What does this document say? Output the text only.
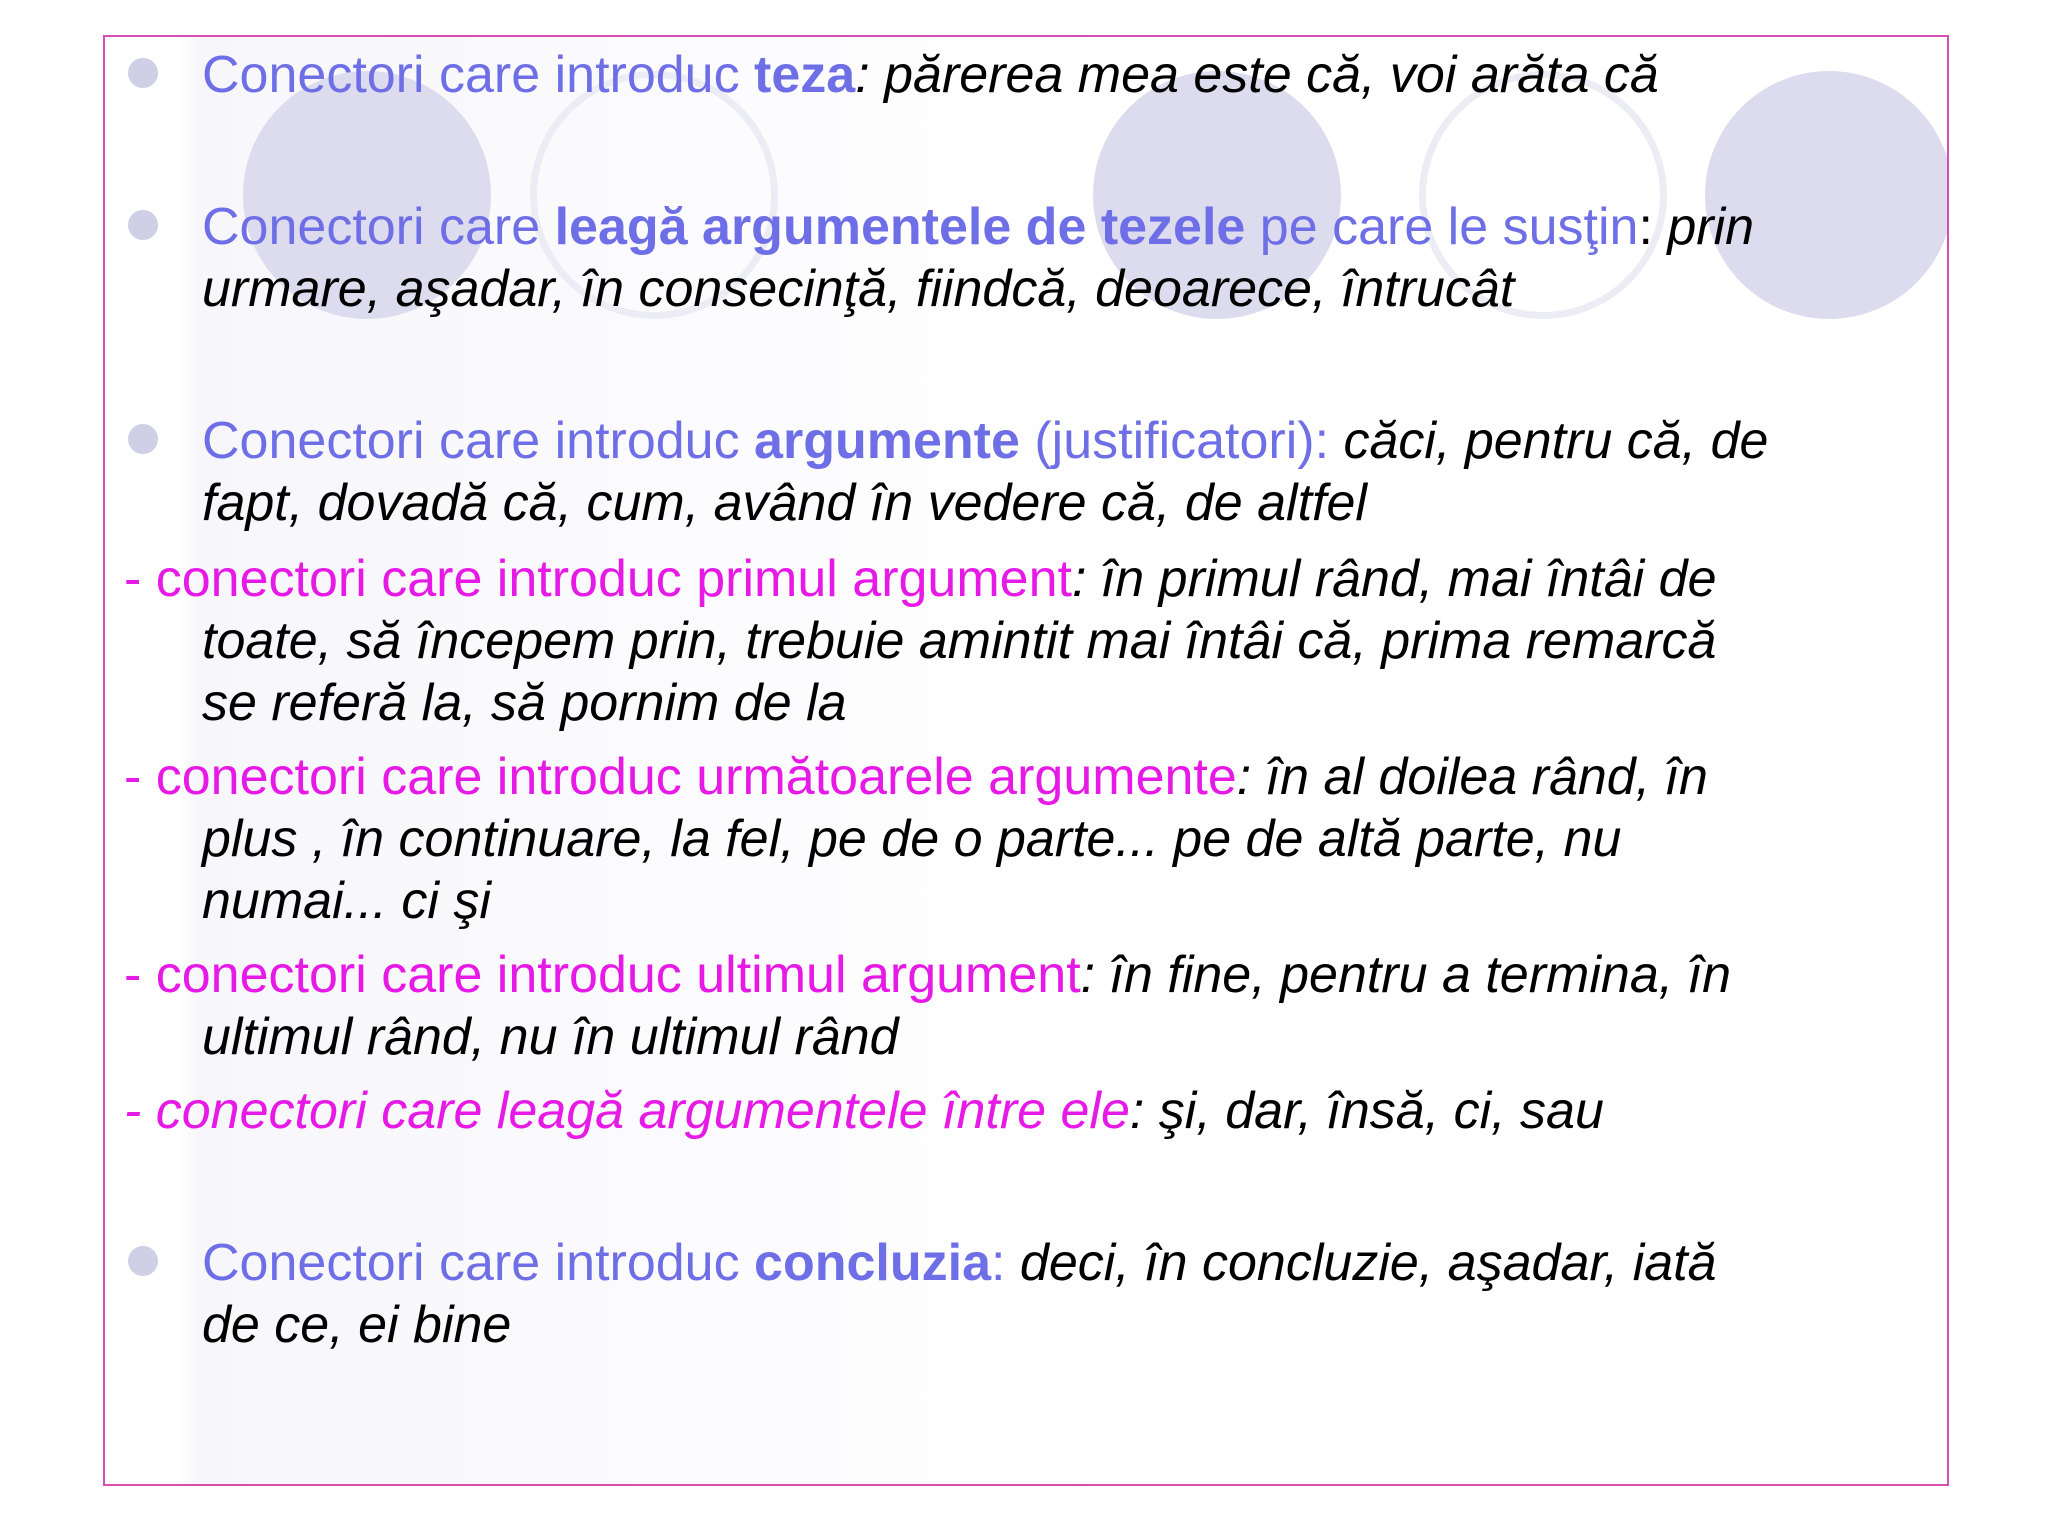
Conectori care introduc teza: părerea mea este că, voi arăta că
Conectori care leagă argumentele de tezele pe care le susţin: prin
urmare, aşadar, în consecinţă, fiindcă, deoarece, întrucât
Conectori care introduc argumente (justificatori): căci, pentru că, de
fapt, dovadă că, cum, având în vedere că, de altfel
- conectori care introduc primul argument: în primul rând, mai întâi de
toate, să începem prin, trebuie amintit mai întâi că, prima remarcă
se referă la, să pornim de la
- conectori care introduc următoarele argumente: în al doilea rând, în
plus , în continuare, la fel, pe de o parte... pe de altă parte, nu
numai... ci şi
- conectori care introduc ultimul argument: în fine, pentru a termina, în
ultimul rând, nu în ultimul rând
- conectori care leagă argumentele între ele: şi, dar, însă, ci, sau
Conectori care introduc concluzia: deci, în concluzie, aşadar, iată
de ce, ei bine
